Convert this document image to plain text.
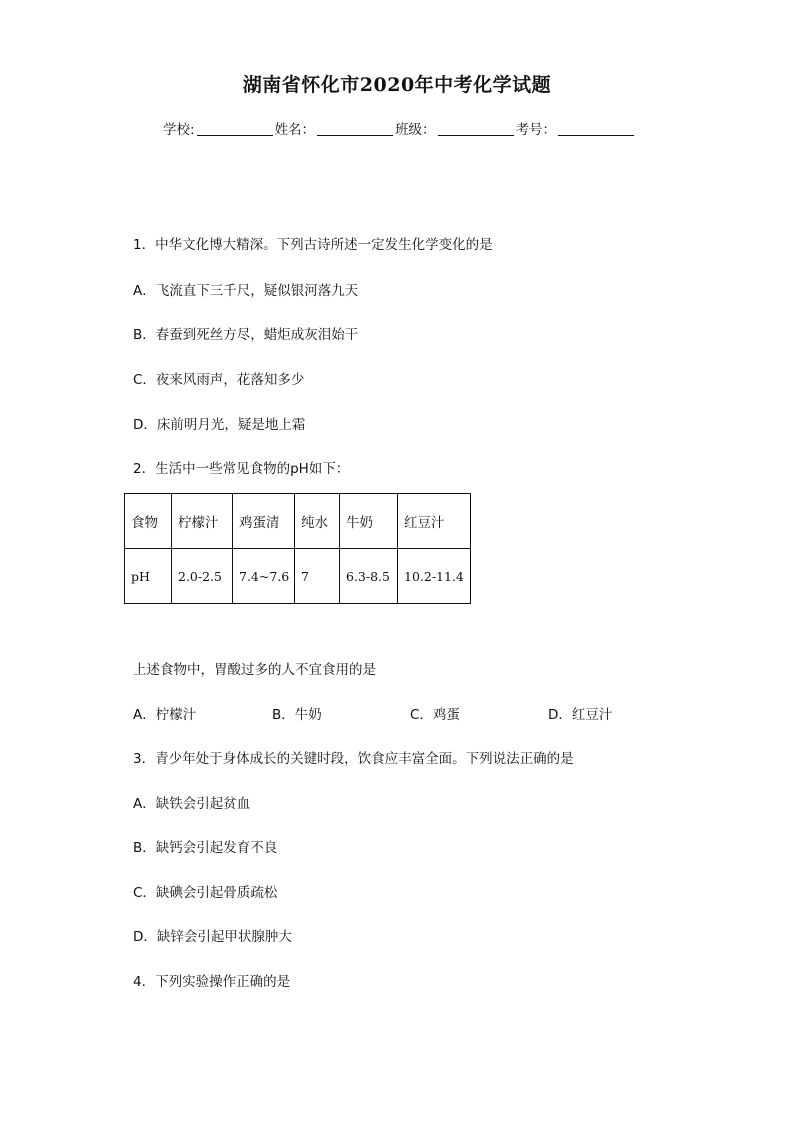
湖南省怀化市2020年中考化学试题
学校:	姓名：	班级：	考号：
1．中华文化博大精深。下列古诗所述一定发生化学变化的是
A．飞流直下三千尺，疑似银河落九天
B．春蚕到死丝方尽，蜡炬成灰泪始干
C．夜来风雨声，花落知多少
D．床前明月光，疑是地上霜
2．生活中一些常见食物的pH如下：
食物	柠檬汁	鸡蛋清	纯水	牛奶	红豆汁
pH	2.0-2.5	7.4~7.6	7	6.3-8.5	10.2-11.4
上述食物中，胃酸过多的人不宜食用的是
A．柠檬汁	B．牛奶	C．鸡蛋	D．红豆汁
3．青少年处于身体成长的关键时段，饮食应丰富全面。下列说法正确的是
A．缺铁会引起贫血
B．缺钙会引起发育不良
C．缺碘会引起骨质疏松
D．缺锌会引起甲状腺肿大
4．下列实验操作正确的是
